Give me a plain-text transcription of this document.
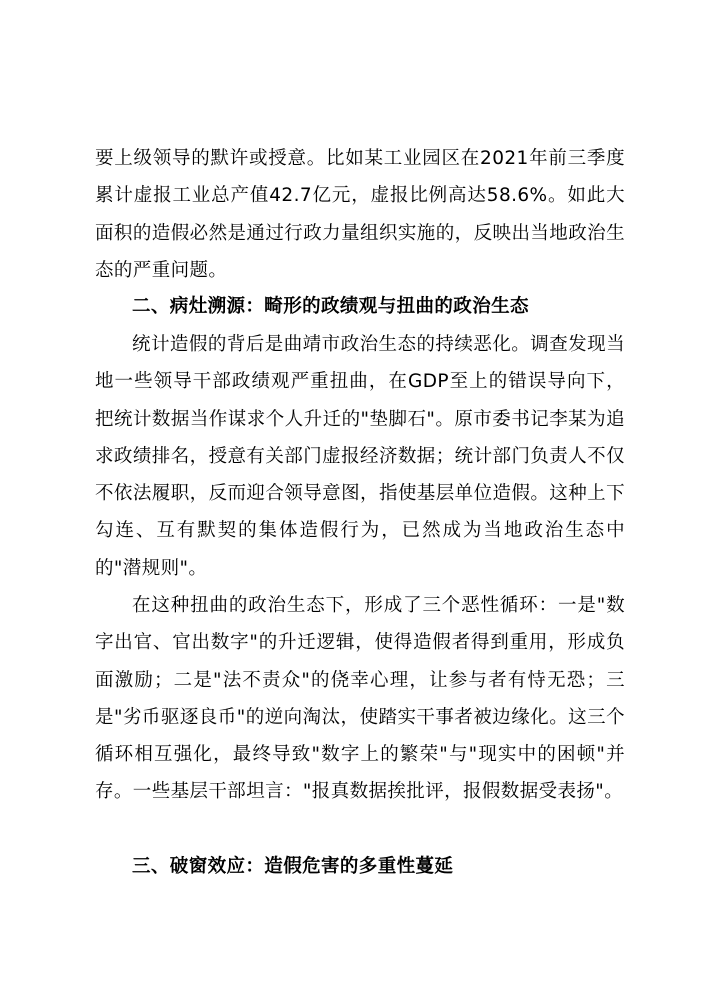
要上级领导的默许或授意。比如某工业园区在2021年前三季度累计虚报工业总产值42.7亿元，虚报比例高达58.6%。如此大面积的造假必然是通过行政力量组织实施的，反映出当地政治生态的严重问题。

二、病灶溯源：畸形的政绩观与扭曲的政治生态

统计造假的背后是曲靖市政治生态的持续恶化。调查发现当地一些领导干部政绩观严重扭曲，在GDP至上的错误导向下，把统计数据当作谋求个人升迁的"垫脚石"。原市委书记李某为追求政绩排名，授意有关部门虚报经济数据；统计部门负责人不仅不依法履职，反而迎合领导意图，指使基层单位造假。这种上下勾连、互有默契的集体造假行为，已然成为当地政治生态中的"潜规则"。

在这种扭曲的政治生态下，形成了三个恶性循环：一是"数字出官、官出数字"的升迁逻辑，使得造假者得到重用，形成负面激励；二是"法不责众"的侥幸心理，让参与者有恃无恐；三是"劣币驱逐良币"的逆向淘汰，使踏实干事者被边缘化。这三个循环相互强化，最终导致"数字上的繁荣"与"现实中的困顿"并存。一些基层干部坦言："报真数据挨批评，报假数据受表扬"。

三、破窗效应：造假危害的多重性蔓延
